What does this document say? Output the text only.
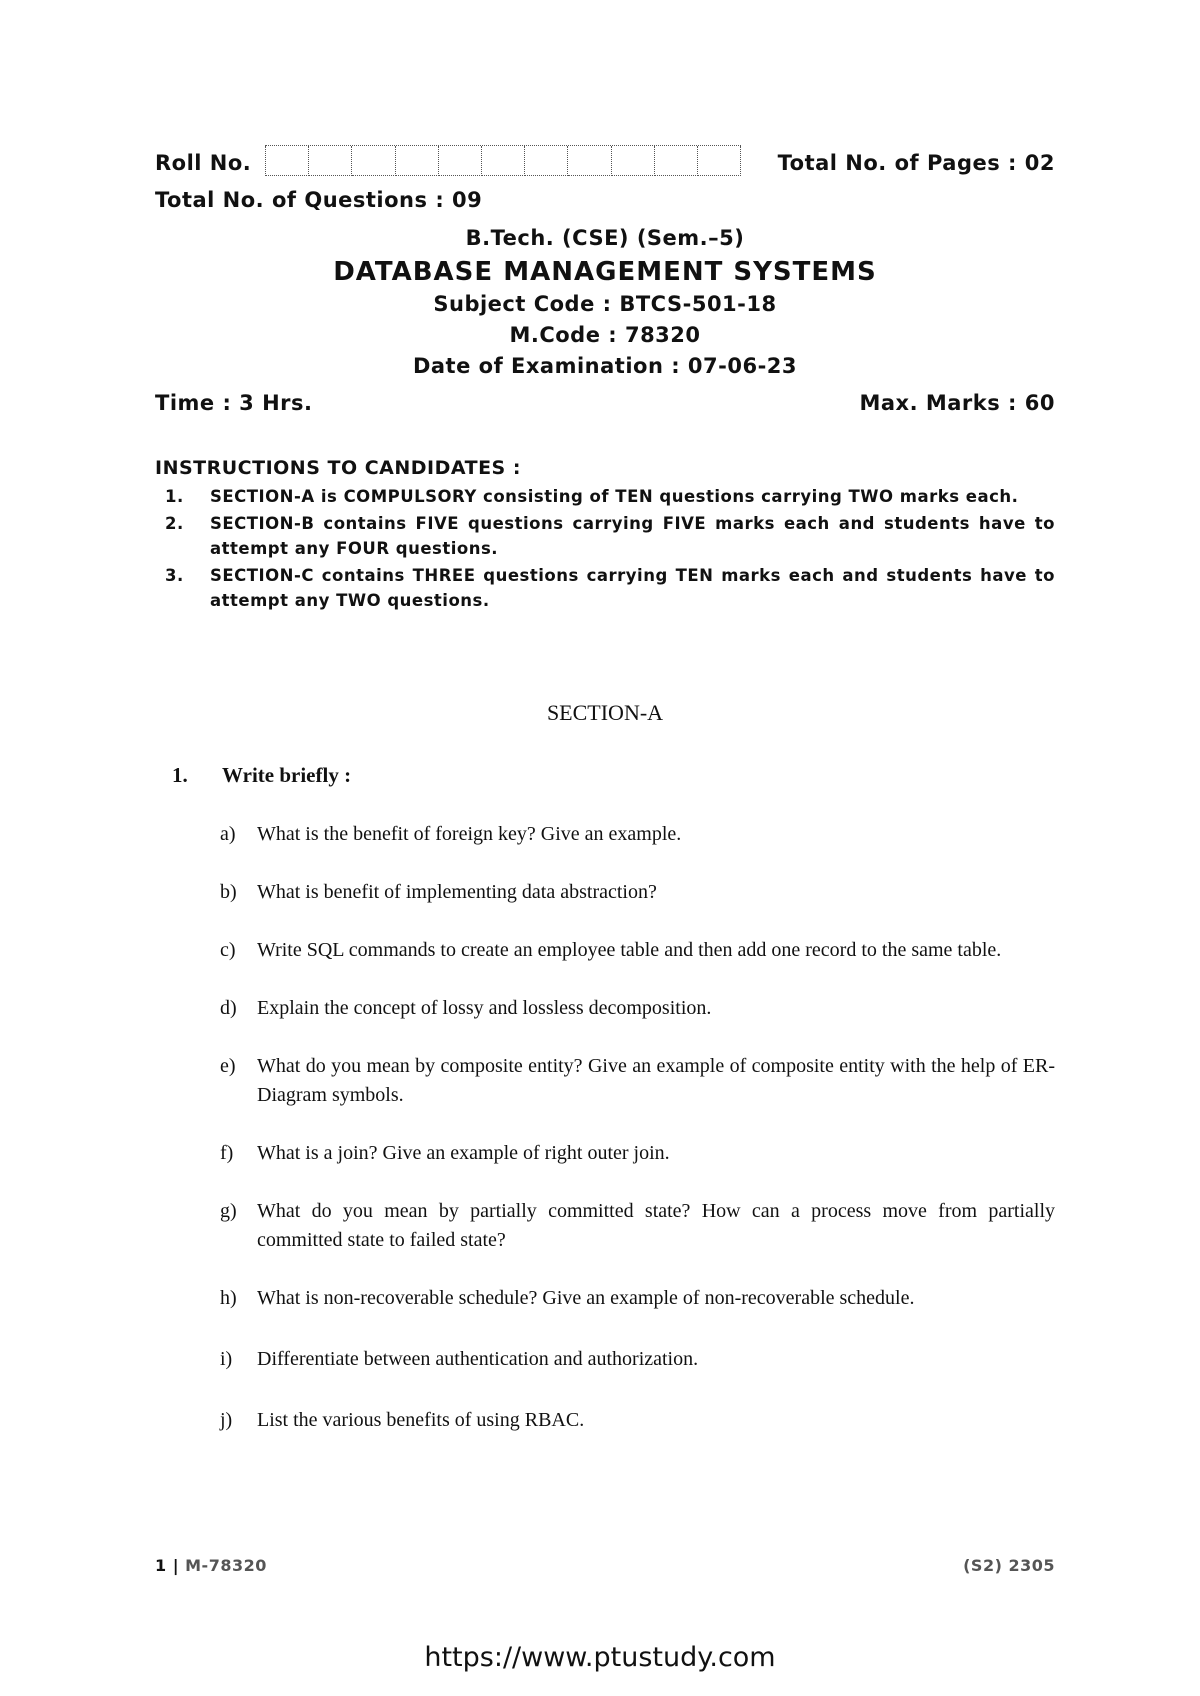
Roll No.	Total No. of Pages : 02
Total No. of Questions : 09
B.Tech. (CSE) (Sem.–5)
DATABASE MANAGEMENT SYSTEMS
Subject Code : BTCS-501-18
M.Code : 78320
Date of Examination : 07-06-23
Time : 3 Hrs.	Max. Marks : 60
INSTRUCTIONS TO CANDIDATES :
1. SECTION-A is COMPULSORY consisting of TEN questions carrying TWO marks each.
2. SECTION-B contains FIVE questions carrying FIVE marks each and students have to attempt any FOUR questions.
3. SECTION-C contains THREE questions carrying TEN marks each and students have to attempt any TWO questions.
SECTION-A
1. Write briefly :
a) What is the benefit of foreign key? Give an example.
b) What is benefit of implementing data abstraction?
c) Write SQL commands to create an employee table and then add one record to the same table.
d) Explain the concept of lossy and lossless decomposition.
e) What do you mean by composite entity? Give an example of composite entity with the help of ER-Diagram symbols.
f) What is a join? Give an example of right outer join.
g) What do you mean by partially committed state? How can a process move from partially committed state to failed state?
h) What is non-recoverable schedule? Give an example of non-recoverable schedule.
i) Differentiate between authentication and authorization.
j) List the various benefits of using RBAC.
1 | M-78320	(S2) 2305
https://www.ptustudy.com
